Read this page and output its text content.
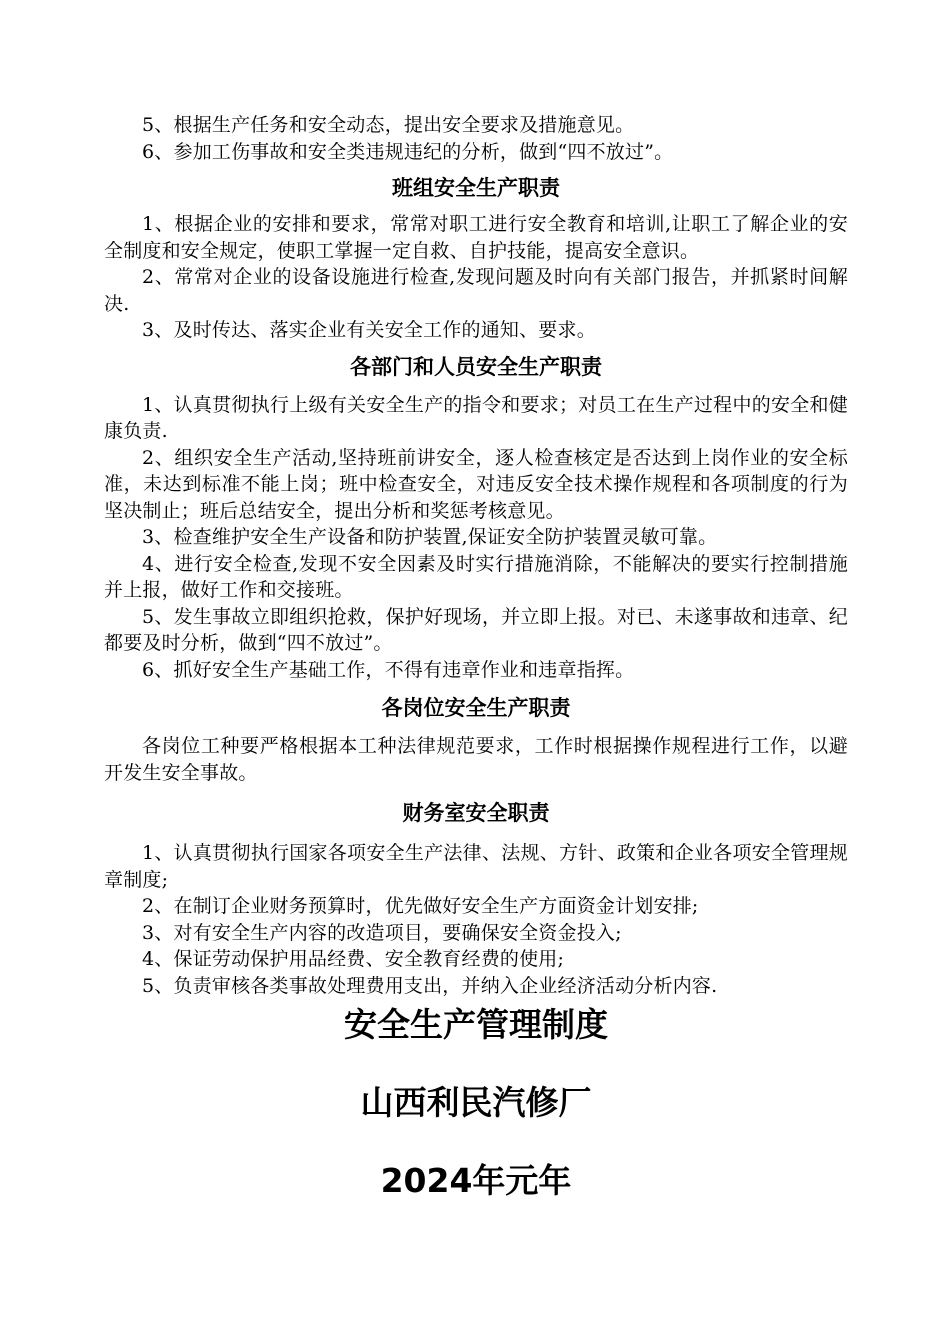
5、根据生产任务和安全动态，提出安全要求及措施意见。

6、参加工伤事故和安全类违规违纪的分析，做到“四不放过”。

班组安全生产职责

1、根据企业的安排和要求，常常对职工进行安全教育和培训,让职工了解企业的安全制度和安全规定，使职工掌握一定自救、自护技能，提高安全意识。

2、常常对企业的设备设施进行检查,发现问题及时向有关部门报告，并抓紧时间解决.

3、及时传达、落实企业有关安全工作的通知、要求。

各部门和人员安全生产职责

1、认真贯彻执行上级有关安全生产的指令和要求；对员工在生产过程中的安全和健康负责.

2、组织安全生产活动,坚持班前讲安全，逐人检查核定是否达到上岗作业的安全标准，未达到标准不能上岗；班中检查安全，对违反安全技术操作规程和各项制度的行为坚决制止；班后总结安全，提出分析和奖惩考核意见。

3、检查维护安全生产设备和防护装置,保证安全防护装置灵敏可靠。

4、进行安全检查,发现不安全因素及时实行措施消除，不能解决的要实行控制措施并上报，做好工作和交接班。

5、发生事故立即组织抢救，保护好现场，并立即上报。对已、未遂事故和违章、纪都要及时分析，做到“四不放过”。

6、抓好安全生产基础工作，不得有违章作业和违章指挥。

各岗位安全生产职责

各岗位工种要严格根据本工种法律规范要求，工作时根据操作规程进行工作，以避开发生安全事故。

财务室安全职责

1、认真贯彻执行国家各项安全生产法律、法规、方针、政策和企业各项安全管理规章制度;

2、在制订企业财务预算时，优先做好安全生产方面资金计划安排;

3、对有安全生产内容的改造项目，要确保安全资金投入;

4、保证劳动保护用品经费、安全教育经费的使用;

5、负责审核各类事故处理费用支出，并纳入企业经济活动分析内容.

安全生产管理制度
山西利民汽修厂
2024年元年
